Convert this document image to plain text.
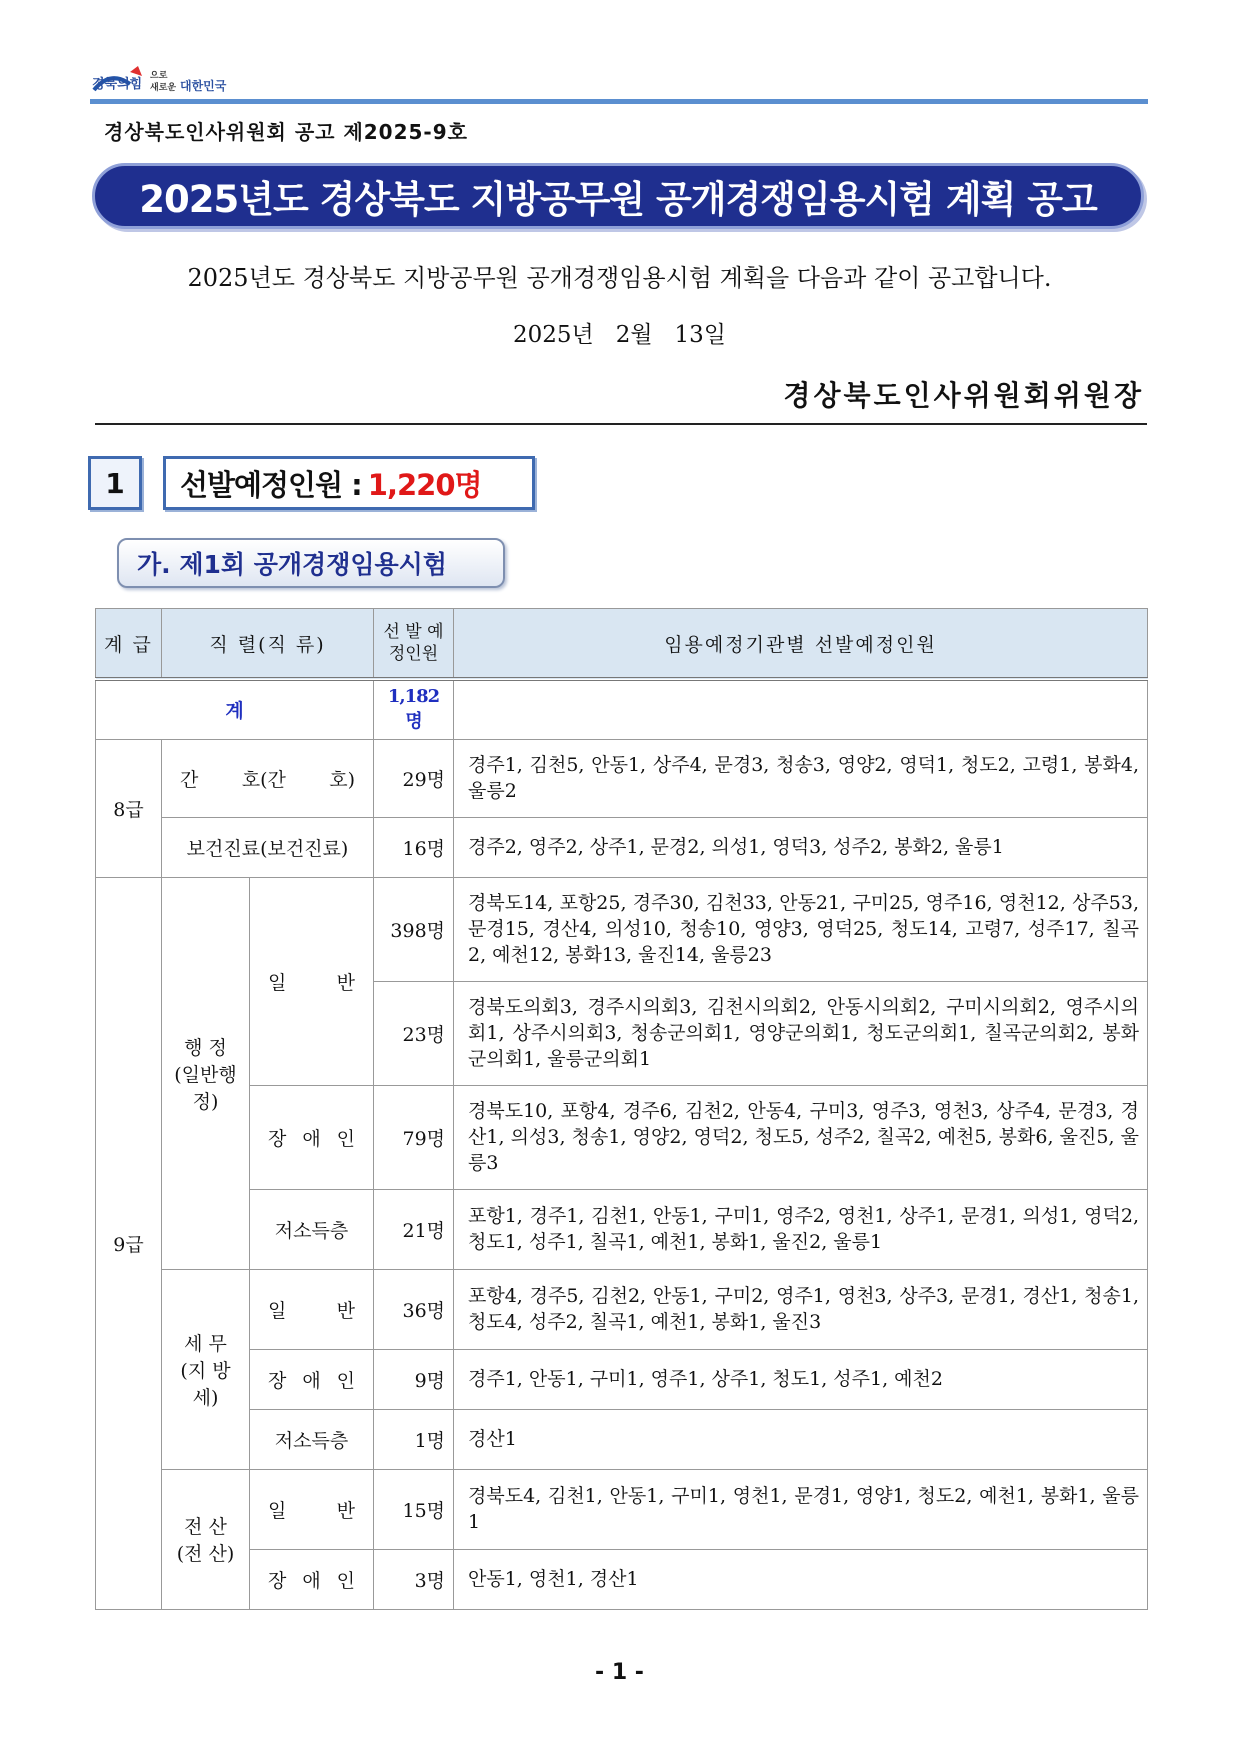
경북의힘
으로
새로운 대한민국
경상북도인사위원회 공고 제2025-9호
2025년도 경상북도 지방공무원 공개경쟁임용시험 계획 공고
2025년도 경상북도 지방공무원 공개경쟁임용시험 계획을 다음과 같이 공고합니다.
2025년   2월   13일
경상북도인사위원회위원장
1	선발예정인원 : 1,220명
가. 제1회 공개경쟁임용시험
계 급	직 렬(직 류)		선 발 예정인원	임용예정기관별 선발예정인원
계			1,182명	
8급	간 호(간 호)		29명	경주1, 김천5, 안동1, 상주4, 문경3, 청송3, 영양2, 영덕1, 청도2, 고령1, 봉화4, 울릉2
	보건진료(보건진료)		16명	경주2, 영주2, 상주1, 문경2, 의성1, 영덕3, 성주2, 봉화2, 울릉1
9급	행 정 (일반행정)	일 반	398명	경북도14, 포항25, 경주30, 김천33, 안동21, 구미25, 영주16, 영천12, 상주53, 문경15, 경산4, 의성10, 청송10, 영양3, 영덕25, 청도14, 고령7, 성주17, 칠곡2, 예천12, 봉화13, 울진14, 울릉23
			23명	경북도의회3, 경주시의회3, 김천시의회2, 안동시의회2, 구미시의회2, 영주시의회1, 상주시의회3, 청송군의회1, 영양군의회1, 청도군의회1, 칠곡군의회2, 봉화군의회1, 울릉군의회1
		장 애 인	79명	경북도10, 포항4, 경주6, 김천2, 안동4, 구미3, 영주3, 영천3, 상주4, 문경3, 경산1, 의성3, 청송1, 영양2, 영덕2, 청도5, 성주2, 칠곡2, 예천5, 봉화6, 울진5, 울릉3
		저소득층	21명	포항1, 경주1, 김천1, 안동1, 구미1, 영주2, 영천1, 상주1, 문경1, 의성1, 영덕2, 청도1, 성주1, 칠곡1, 예천1, 봉화1, 울진2, 울릉1
	세 무 (지 방 세)	일 반	36명	포항4, 경주5, 김천2, 안동1, 구미2, 영주1, 영천3, 상주3, 문경1, 경산1, 청송1, 청도4, 성주2, 칠곡1, 예천1, 봉화1, 울진3
		장 애 인	9명	경주1, 안동1, 구미1, 영주1, 상주1, 청도1, 성주1, 예천2
		저소득층	1명	경산1
	전 산 (전 산)	일 반	15명	경북도4, 김천1, 안동1, 구미1, 영천1, 문경1, 영양1, 청도2, 예천1, 봉화1, 울릉1
		장 애 인	3명	안동1, 영천1, 경산1
- 1 -
